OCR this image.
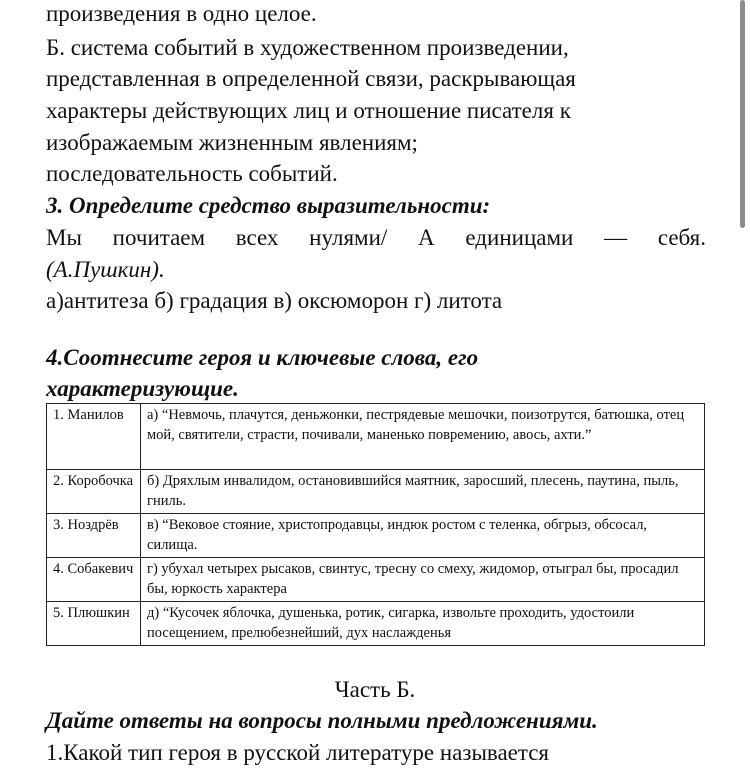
произведения в одно целое.
Б. система событий в художественном произведении,
представленная в определенной связи, раскрывающая
характеры действующих лиц и отношение писателя к
изображаемым жизненным явлениям;
последовательность событий.
3. Определите средство выразительности:
Мы почитаем всех нулями/ А единицами — себя.
(А.Пушкин).
а)антитеза б) градация в) оксюморон г) литота
4.Соотнесите героя и ключевые слова, его
характеризующие.
1. Манилов	а) “Невмочь, плачутся, деньжонки, пестрядевые мешочки, поизотрутся, батюшка, отец мой, святители, страсти, почивали, маненько повремению, авось, ахти.”
2. Коробочка	б) Дряхлым инвалидом, остановившийся маятник, заросший, плесень, паутина, пыль, гниль.
3. Ноздрёв	в) “Вековое стояние, христопродавцы, индюк ростом с теленка, обгрыз, обсосал, силища.
4. Собакевич	г) убухал четырех рысаков, свинтус, тресну со смеху, жидомор, отыграл бы, просадил бы, юркость характера
5. Плюшкин	д) “Кусочек яблочка, душенька, ротик, сигарка, извольте проходить, удостоили посещением, прелюбезнейший, дух наслажденья
Часть Б.
Дайте ответы на вопросы полными предложениями.
1.Какой тип героя в русской литературе называется
